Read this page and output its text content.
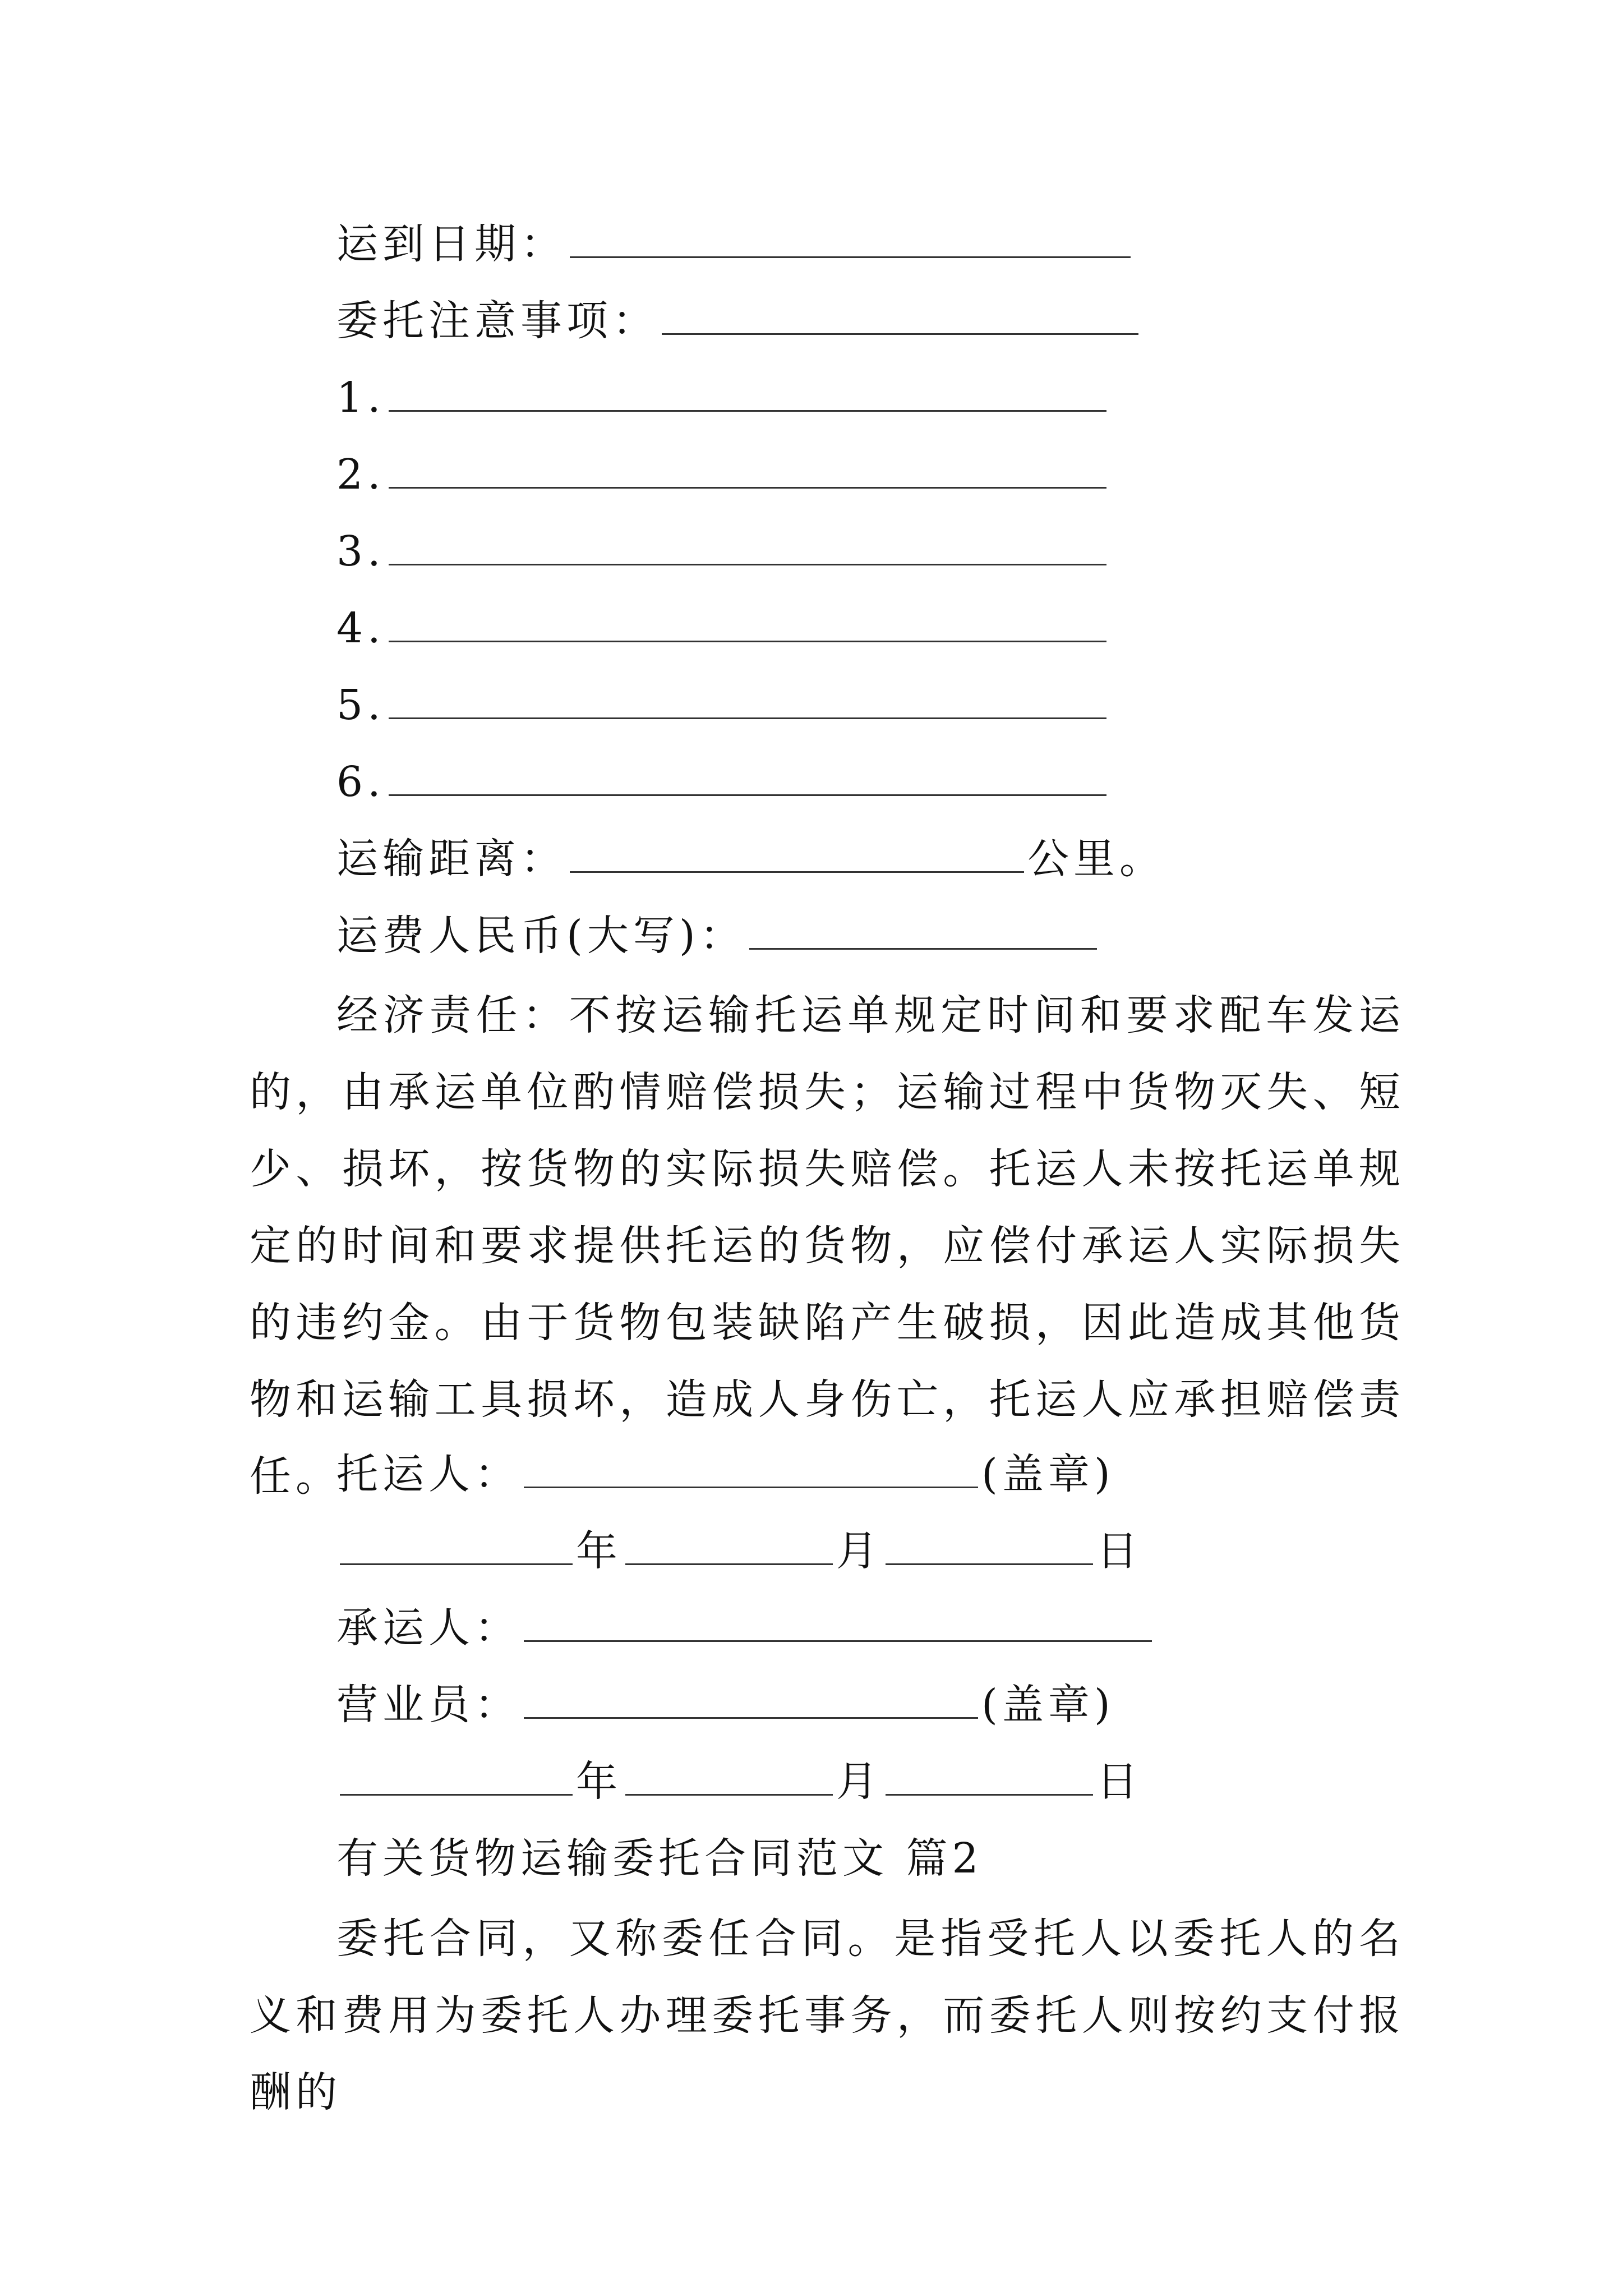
运到日期：
委托注意事项：
1.
2.
3.
4.
5.
6.
运输距离：	公里。
运费人民币(大写)：
经济责任：不按运输托运单规定时间和要求配车发运的，由承运单位酌情赔偿损失；运输过程中货物灭失、短少、损坏，按货物的实际损失赔偿。托运人未按托运单规定的时间和要求提供托运的货物，应偿付承运人实际损失的违约金。由于货物包装缺陷产生破损，因此造成其他货物和运输工具损坏，造成人身伤亡，托运人应承担赔偿责任。
托运人：	(盖章)
年	月	日
承运人：
营业员：	(盖章)
年	月	日
有关货物运输委托合同范文 篇2
委托合同，又称委任合同。是指受托人以委托人的名义和费用为委托人办理委托事务，而委托人则按约支付报酬的
